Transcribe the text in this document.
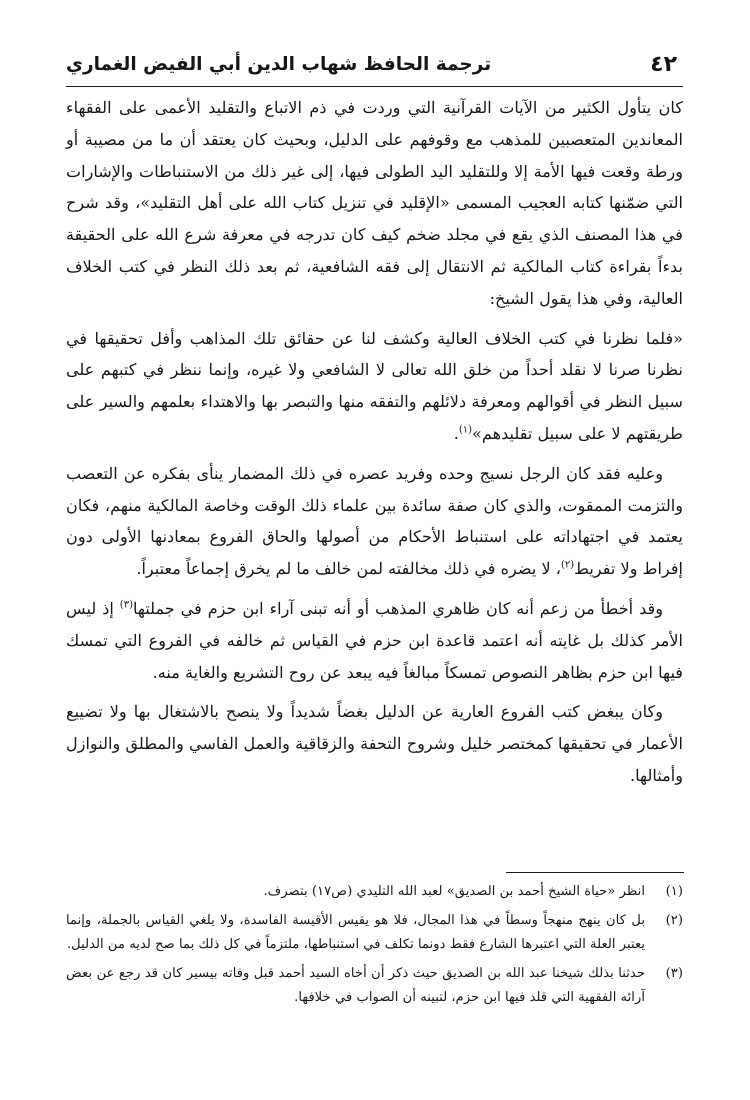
٤٢
ترجمة الحافظ شهاب الدين أبي الفيض الغماري

كان يتأول الكثير من الآيات القرآنية التي وردت في ذم الاتباع والتقليد الأعمى على الفقهاء المعاندين المتعصبين للمذهب مع وقوفهم على الدليل، وبحيث كان يعتقد أن ما من مصيبة أو ورطة وقعت فيها الأمة إلا وللتقليد اليد الطولى فيها، إلى غير ذلك من الاستنباطات والإشارات التي ضمّنها كتابه العجيب المسمى «الإقليد في تنزيل كتاب الله على أهل التقليد»، وقد شرح في هذا المصنف الذي يقع في مجلد ضخم كيف كان تدرجه في معرفة شرع الله على الحقيقة بدءاً بقراءة كتاب المالكية ثم الانتقال إلى فقه الشافعية، ثم بعد ذلك النظر في كتب الخلاف العالية، وفي هذا يقول الشيخ:

«فلما نظرنا في كتب الخلاف العالية وكشف لنا عن حقائق تلك المذاهب وأفل تحقيقها في نظرنا صرنا لا نقلد أحداً من خلق الله تعالى لا الشافعي ولا غيره، وإنما ننظر في كتبهم على سبيل النظر في أقوالهم ومعرفة دلائلهم والتفقه منها والتبصر بها والاهتداء بعلمهم والسير على طريقتهم لا على سبيل تقليدهم»$^{(١)}$.

وعليه فقد كان الرجل نسيج وحده وفريد عصره في ذلك المضمار ينأى بفكره عن التعصب والتزمت الممقوت، والذي كان صفة سائدة بين علماء ذلك الوقت وخاصة المالكية منهم، فكان يعتمد في اجتهاداته على استنباط الأحكام من أصولها والحاق الفروع بمعادنها الأولى دون إفراط ولا تفريط$^{(٢)}$، لا يضره في ذلك مخالفته لمن خالف ما لم يخرق إجماعاً معتبراً.

وقد أخطأ من زعم أنه كان ظاهري المذهب أو أنه تبنى آراء ابن حزم في جملتها$^{(٣)}$ إذ ليس الأمر كذلك بل غايته أنه اعتمد قاعدة ابن حزم في القياس ثم خالفه في الفروع التي تمسك فيها ابن حزم بظاهر النصوص تمسكاً مبالغاً فيه يبعد عن روح التشريع والغاية منه.

وكان يبغض كتب الفروع العارية عن الدليل بغضاً شديداً ولا ينصح بالاشتغال بها ولا تضييع الأعمار في تحقيقها كمختصر خليل وشروح التحفة والزقاقية والعمل الفاسي والمطلق والنوازل وأمثالها.

(١)
انظر «حياة الشيخ أحمد بن الصديق» لعبد الله التليدي (ص١٧) بتصرف.
(٢)
بل كان ينهج منهجاً وسطاً في هذا المجال، فلا هو يقيس الأقيسة الفاسدة، ولا يلغي القياس بالجملة، وإنما يعتبر العلة التي اعتبرها الشارع فقط دونما تكلف في استنباطها، ملتزماً في كل ذلك بما صح لديه من الدليل.
(٣)
حدثنا بذلك شيخنا عبد الله بن الصديق حيث ذكر أن أخاه السيد أحمد قبل وفاته بيسير كان قد رجع عن بعض آرائه الفقهية التي قلد فيها ابن حزم، لتبينه أن الصواب في خلافها.
